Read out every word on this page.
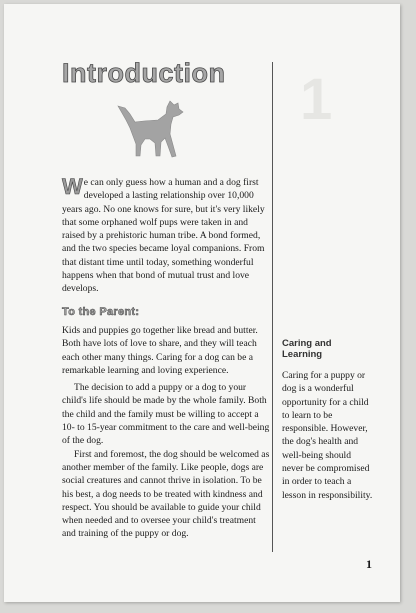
1
Introduction

We can only guess how a human and a dog first developed a lasting relationship over 10,000 years ago. No one knows for sure, but it's very likely that some orphaned wolf pups were taken in and raised by a prehistoric human tribe. A bond formed, and the two species became loyal companions. From that distant time until today, something wonderful happens when that bond of mutual trust and love develops.

To the Parent:

Kids and puppies go together like bread and butter. Both have lots of love to share, and they will teach each other many things. Caring for a dog can be a remarkable learning and loving experience.

The decision to add a puppy or a dog to your child's life should be made by the whole family. Both the child and the family must be willing to accept a 10- to 15-year commitment to the care and well-being of the dog.

First and foremost, the dog should be welcomed as another member of the family. Like people, dogs are social creatures and cannot thrive in isolation. To be his best, a dog needs to be treated with kindness and respect. You should be available to guide your child when needed and to oversee your child's treatment and training of the puppy or dog.

Caring and Learning

Caring for a puppy or dog is a wonderful opportunity for a child to learn to be responsible. However, the dog's health and well-being should never be compromised in order to teach a lesson in responsibility.

1
